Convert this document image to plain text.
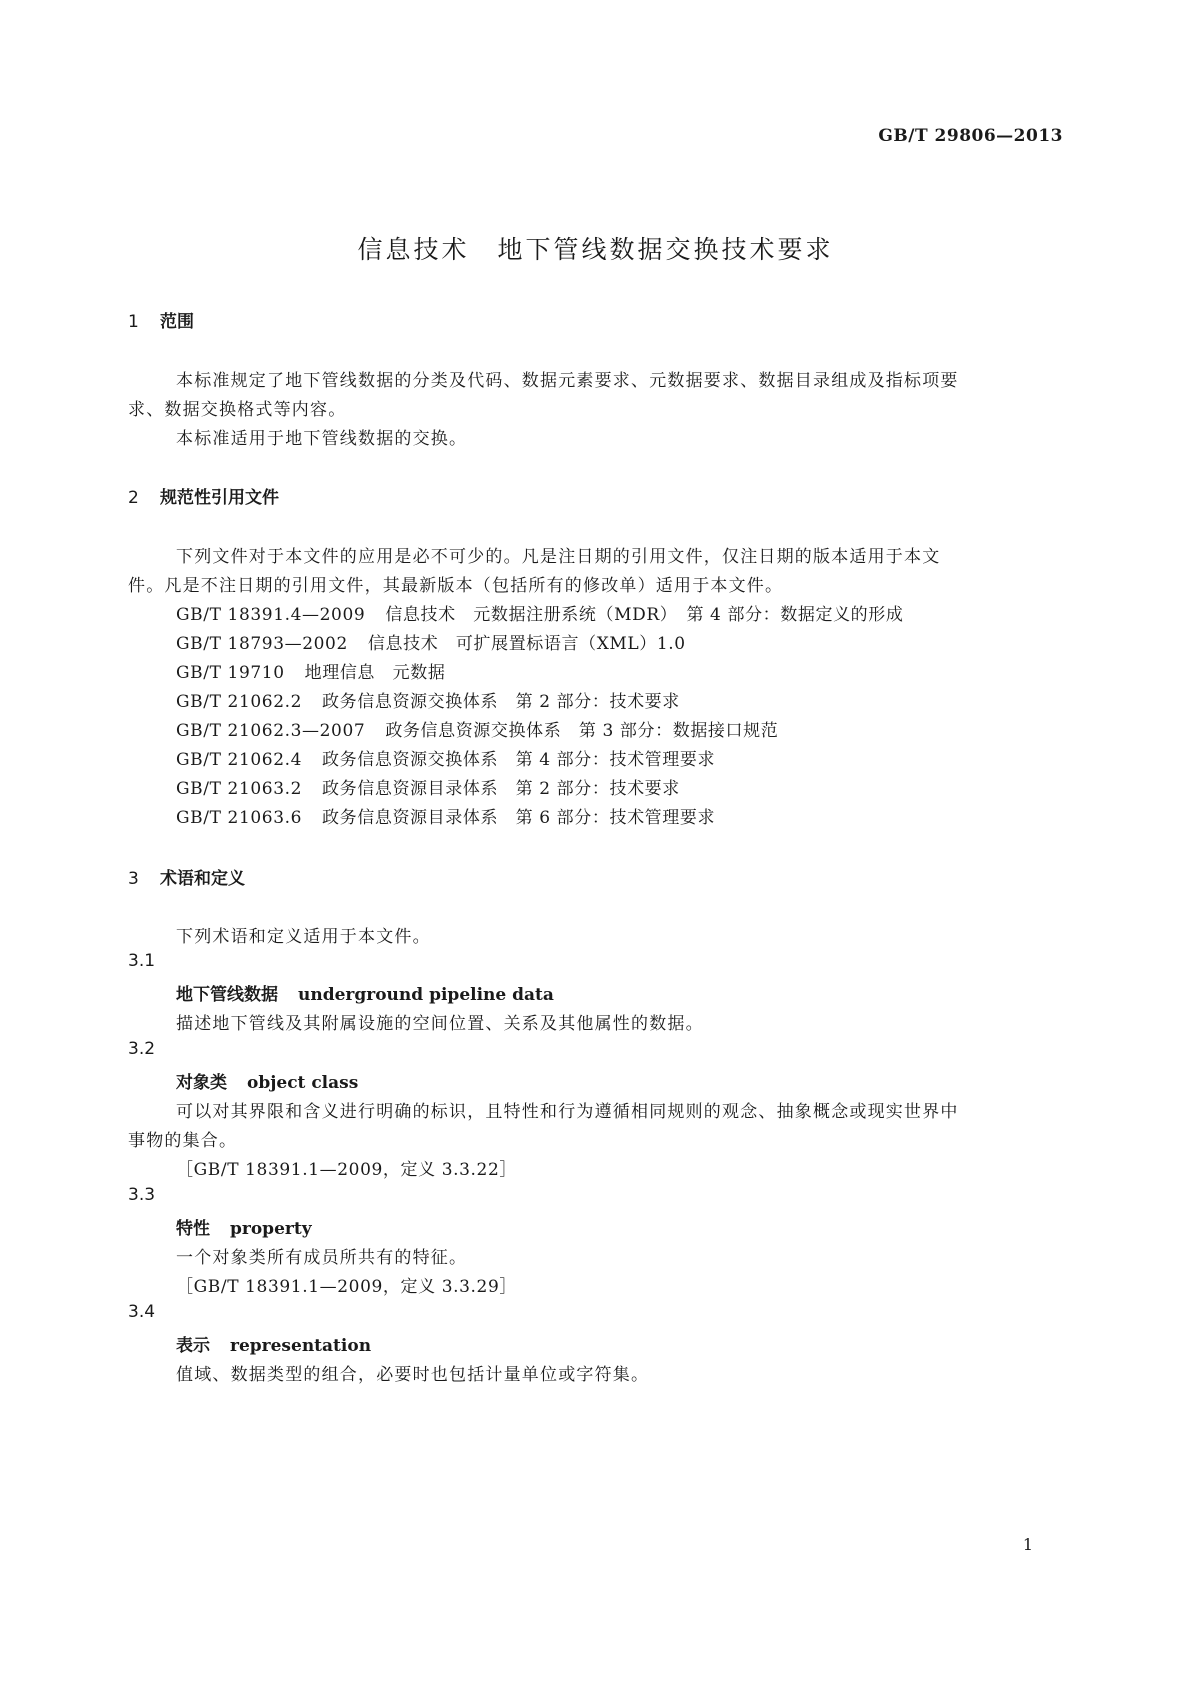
GB/T 29806—2013
信息技术　地下管线数据交换技术要求
1 范围
本标准规定了地下管线数据的分类及代码、数据元素要求、元数据要求、数据目录组成及指标项要
求、数据交换格式等内容。
本标准适用于地下管线数据的交换。
2 规范性引用文件
下列文件对于本文件的应用是必不可少的。凡是注日期的引用文件，仅注日期的版本适用于本文
件。凡是不注日期的引用文件，其最新版本（包括所有的修改单）适用于本文件。
GB/T 18391.4—2009 信息技术　元数据注册系统（MDR）　第 4 部分：数据定义的形成
GB/T 18793—2002 信息技术　可扩展置标语言（XML）1.0
GB/T 19710 地理信息　元数据
GB/T 21062.2 政务信息资源交换体系　第 2 部分：技术要求
GB/T 21062.3—2007 政务信息资源交换体系　第 3 部分：数据接口规范
GB/T 21062.4 政务信息资源交换体系　第 4 部分：技术管理要求
GB/T 21063.2 政务信息资源目录体系　第 2 部分：技术要求
GB/T 21063.6 政务信息资源目录体系　第 6 部分：技术管理要求
3 术语和定义
下列术语和定义适用于本文件。
3.1
地下管线数据 underground pipeline data
描述地下管线及其附属设施的空间位置、关系及其他属性的数据。
3.2
对象类 object class
可以对其界限和含义进行明确的标识，且特性和行为遵循相同规则的观念、抽象概念或现实世界中
事物的集合。
［GB/T 18391.1—2009，定义 3.3.22］
3.3
特性 property
一个对象类所有成员所共有的特征。
［GB/T 18391.1—2009，定义 3.3.29］
3.4
表示 representation
值域、数据类型的组合，必要时也包括计量单位或字符集。
1
